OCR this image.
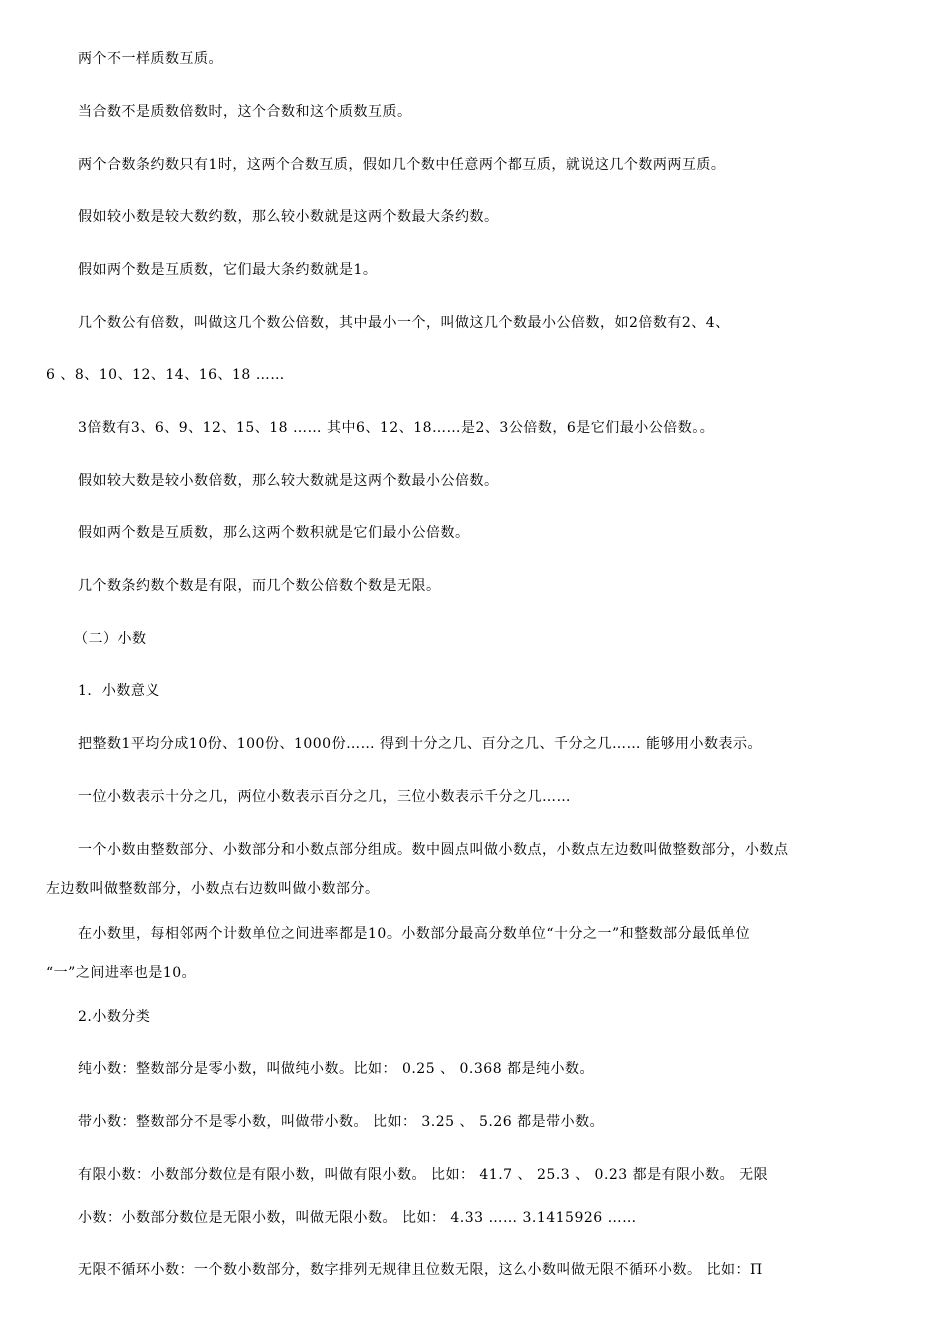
两个不一样质数互质。
当合数不是质数倍数时，这个合数和这个质数互质。
两个合数条约数只有1时，这两个合数互质，假如几个数中任意两个都互质，就说这几个数两两互质。
假如较小数是较大数约数，那么较小数就是这两个数最大条约数。
假如两个数是互质数，它们最大条约数就是1。
几个数公有倍数，叫做这几个数公倍数，其中最小一个，叫做这几个数最小公倍数，如2倍数有2、4、
6 、8、10、12、14、16、18 ……
3倍数有3、6、9、12、15、18 …… 其中6、12、18……是2、3公倍数，6是它们最小公倍数。。
假如较大数是较小数倍数，那么较大数就是这两个数最小公倍数。
假如两个数是互质数，那么这两个数积就是它们最小公倍数。
几个数条约数个数是有限，而几个数公倍数个数是无限。
（二）小数
1．小数意义
把整数1平均分成10份、100份、1000份…… 得到十分之几、百分之几、千分之几…… 能够用小数表示。
一位小数表示十分之几，两位小数表示百分之几，三位小数表示千分之几……
一个小数由整数部分、小数部分和小数点部分组成。数中圆点叫做小数点，小数点左边数叫做整数部分，小数点
左边数叫做整数部分，小数点右边数叫做小数部分。
在小数里，每相邻两个计数单位之间进率都是10。小数部分最高分数单位“十分之一”和整数部分最低单位
“一”之间进率也是10。
2.小数分类
纯小数：整数部分是零小数，叫做纯小数。比如： 0.25 、 0.368 都是纯小数。
带小数：整数部分不是零小数，叫做带小数。 比如： 3.25 、 5.26 都是带小数。
有限小数：小数部分数位是有限小数，叫做有限小数。 比如： 41.7 、 25.3 、 0.23 都是有限小数。 无限
小数：小数部分数位是无限小数，叫做无限小数。 比如： 4.33 …… 3.1415926 ……
无限不循环小数：一个数小数部分，数字排列无规律且位数无限，这么小数叫做无限不循环小数。 比如：Π
